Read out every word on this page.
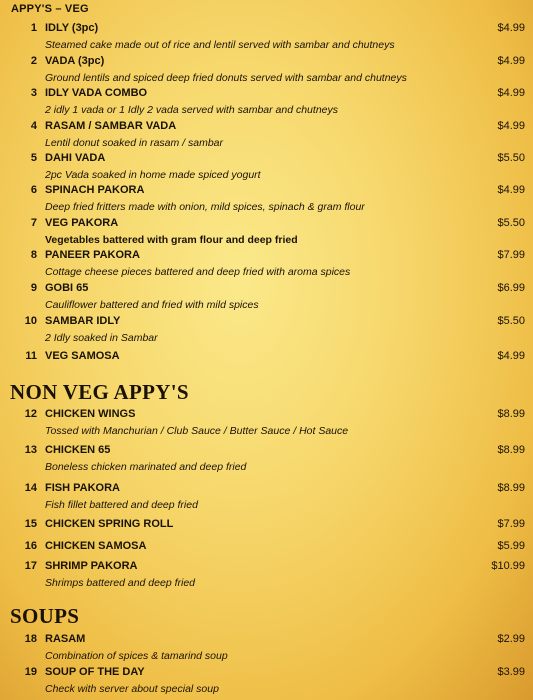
APPY'S – VEG
1 IDLY (3pc)	$4.99
Steamed cake made out of rice and lentil served with sambar and chutneys
2 VADA (3pc)	$4.99
Ground lentils and spiced deep fried donuts served with sambar and chutneys
3 IDLY VADA COMBO	$4.99
2 idly 1 vada or 1 Idly 2 vada served with sambar and chutneys
4 RASAM / SAMBAR VADA	$4.99
Lentil donut soaked in rasam / sambar
5 DAHI VADA	$5.50
2pc Vada soaked in home made spiced yogurt
6 SPINACH PAKORA	$4.99
Deep fried fritters made with onion, mild spices, spinach & gram flour
7 VEG PAKORA	$5.50
Vegetables battered with gram flour and deep fried
8 PANEER PAKORA	$7.99
Cottage cheese pieces battered and deep fried with aroma spices
9 GOBI 65	$6.99
Cauliflower battered and fried with mild spices
10 SAMBAR IDLY	$5.50
2 Idly soaked in Sambar
11 VEG SAMOSA	$4.99
NON VEG APPY'S
12 CHICKEN WINGS	$8.99
Tossed with Manchurian / Club Sauce / Butter Sauce / Hot Sauce
13 CHICKEN 65	$8.99
Boneless chicken marinated and deep fried
14 FISH PAKORA	$8.99
Fish fillet battered and deep fried
15 CHICKEN SPRING ROLL	$7.99
16 CHICKEN SAMOSA	$5.99
17 SHRIMP PAKORA	$10.99
Shrimps battered and deep fried
SOUPS
18 RASAM	$2.99
Combination of spices & tamarind soup
19 SOUP OF THE DAY	$3.99
Check with server about special soup
